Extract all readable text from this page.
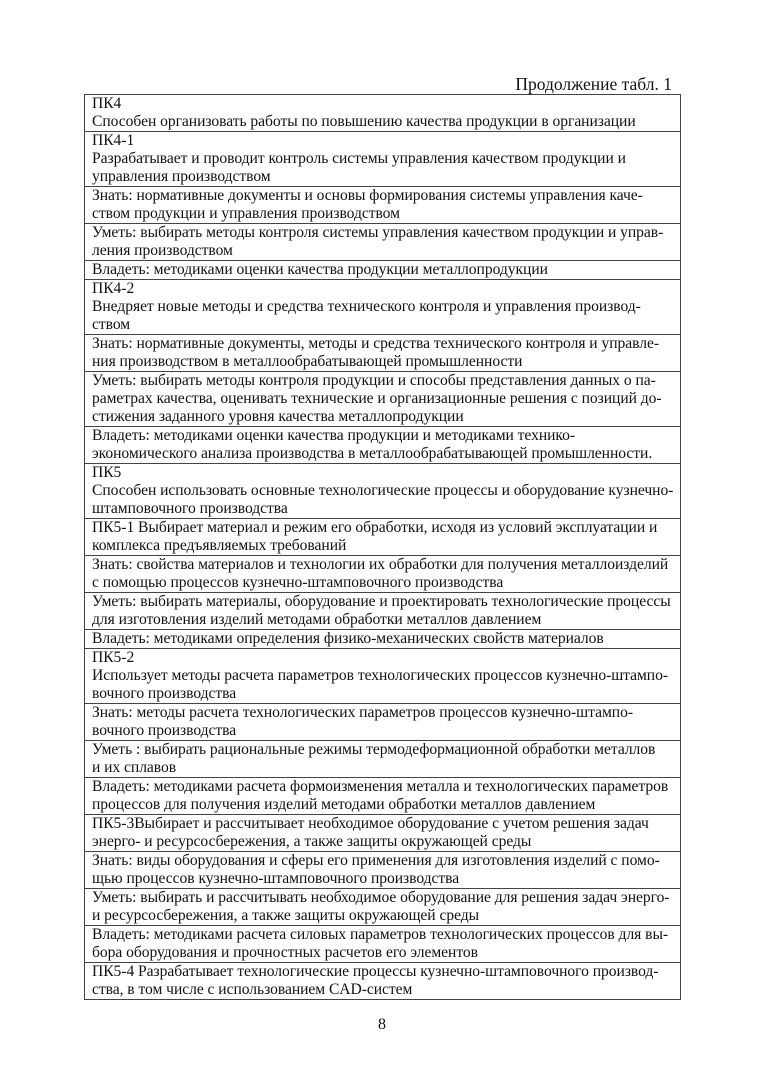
Продолжение табл. 1
ПК4
Способен организовать работы по повышению качества продукции в организации

ПК4-1
Разрабатывает и проводит контроль системы управления качеством продукции и
управления производством

Знать: нормативные документы и основы формирования системы управления каче-
ством продукции и управления производством

Уметь: выбирать методы контроля системы управления качеством продукции и управ-
ления производством

Владеть: методиками оценки качества продукции металлопродукции

ПК4-2
Внедряет новые методы и средства технического контроля и управления производ-
ством

Знать: нормативные документы, методы и средства технического контроля и управле-
ния производством в металлообрабатывающей промышленности

Уметь: выбирать методы контроля продукции и способы представления данных о па-
раметрах качества, оценивать технические и организационные решения с позиций до-
стижения заданного уровня качества металлопродукции

Владеть: методиками оценки качества продукции и методиками технико-
экономического анализа производства в металлообрабатывающей промышленности.

ПК5
Способен использовать основные технологические процессы и оборудование кузнечно-
штамповочного производства

ПК5-1 Выбирает материал и режим его обработки, исходя из условий эксплуатации и
комплекса предъявляемых требований

Знать: свойства материалов и технологии их обработки для получения металлоизделий
с помощью процессов кузнечно-штамповочного производства

Уметь: выбирать материалы, оборудование и проектировать технологические процессы
для изготовления изделий методами обработки металлов давлением

Владеть: методиками определения физико-механических свойств материалов

ПК5-2
Использует методы расчета параметров технологических процессов кузнечно-штампо-
вочного производства

Знать: методы расчета технологических параметров процессов кузнечно-штампо-
вочного производства

Уметь : выбирать рациональные режимы термодеформационной обработки металлов
и их сплавов

Владеть: методиками расчета формоизменения металла и технологических параметров
процессов для получения изделий методами обработки металлов давлением

ПК5-3Выбирает и рассчитывает необходимое оборудование с учетом решения задач
энерго- и ресурсосбережения, а также защиты окружающей среды

Знать: виды оборудования и сферы его применения для изготовления изделий с помо-
щью процессов кузнечно-штамповочного производства

Уметь: выбирать и рассчитывать необходимое оборудование для решения задач энерго-
и ресурсосбережения, а также защиты окружающей среды

Владеть: методиками расчета силовых параметров технологических процессов для вы-
бора оборудования и прочностных расчетов его элементов

ПК5-4 Разрабатывает технологические процессы кузнечно-штамповочного производ-
ства, в том числе с использованием CAD-систем
8
